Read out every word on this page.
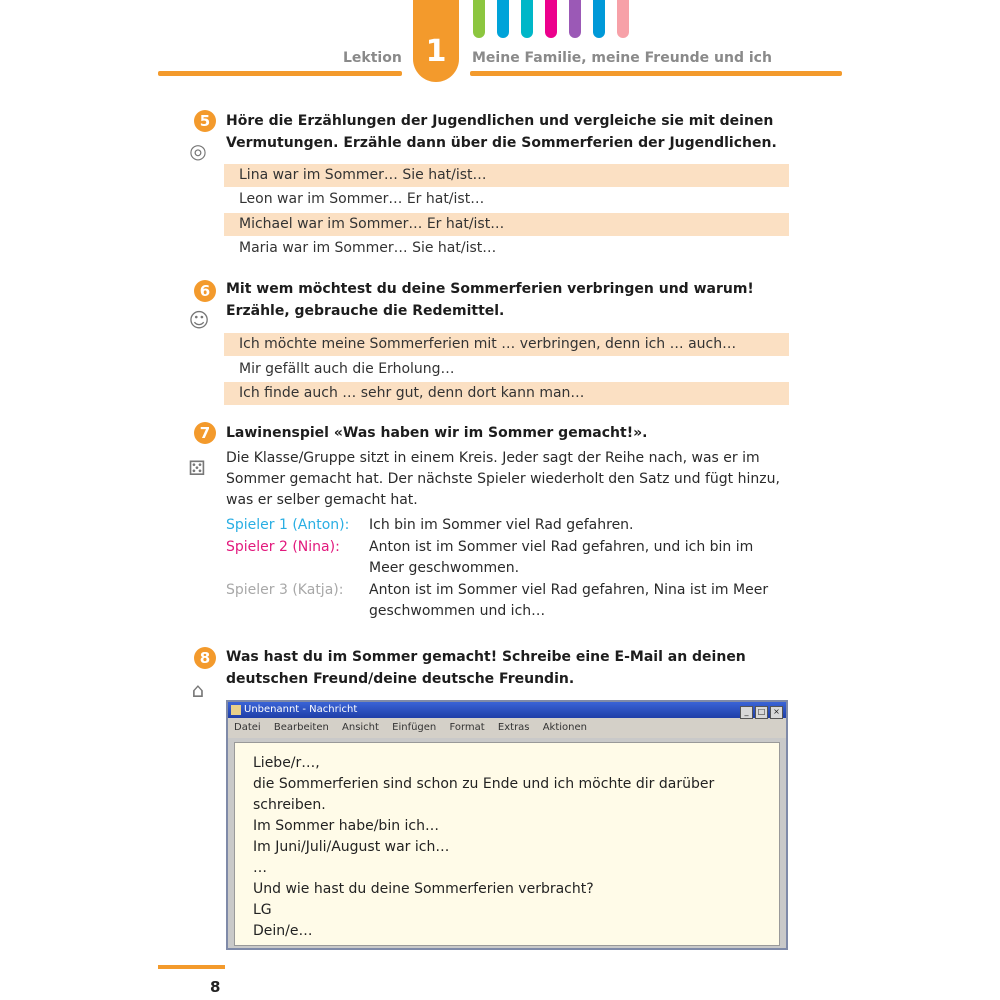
Lektion 1	Meine Familie, meine Freunde und ich
5
◎
Höre die Erzählungen der Jugendlichen und vergleiche sie mit deinen Vermutungen. Erzähle dann über die Sommerferien der Jugendlichen.
Lina war im Sommer… Sie hat/ist…
Leon war im Sommer… Er hat/ist…
Michael war im Sommer… Er hat/ist…
Maria war im Sommer… Sie hat/ist…
6
☺
Mit wem möchtest du deine Sommerferien verbringen und warum! Erzähle, gebrauche die Redemittel.
Ich möchte meine Sommerferien mit … verbringen, denn ich … auch…
Mir gefällt auch die Erholung…
Ich finde auch … sehr gut, denn dort kann man…
7
⚄
Lawinenspiel «Was haben wir im Sommer gemacht!».
Die Klasse/Gruppe sitzt in einem Kreis. Jeder sagt der Reihe nach, was er im Sommer gemacht hat. Der nächste Spieler wiederholt den Satz und fügt hinzu, was er selber gemacht hat.
Spieler 1 (Anton): Ich bin im Sommer viel Rad gefahren.
Spieler 2 (Nina): Anton ist im Sommer viel Rad gefahren, und ich bin im Meer geschwommen.
Spieler 3 (Katja): Anton ist im Sommer viel Rad gefahren, Nina ist im Meer geschwommen und ich…
8
⌂
Was hast du im Sommer gemacht! Schreibe eine E-Mail an deinen deutschen Freund/deine deutsche Freundin.
Unbenannt - Nachricht	_ □ ×
Datei Bearbeiten Ansicht Einfügen Format Extras Aktionen
Liebe/r…,
die Sommerferien sind schon zu Ende und ich möchte dir darüber schreiben.
Im Sommer habe/bin ich…
Im Juni/Juli/August war ich…
…
Und wie hast du deine Sommerferien verbracht?
LG
Dein/e…
8
